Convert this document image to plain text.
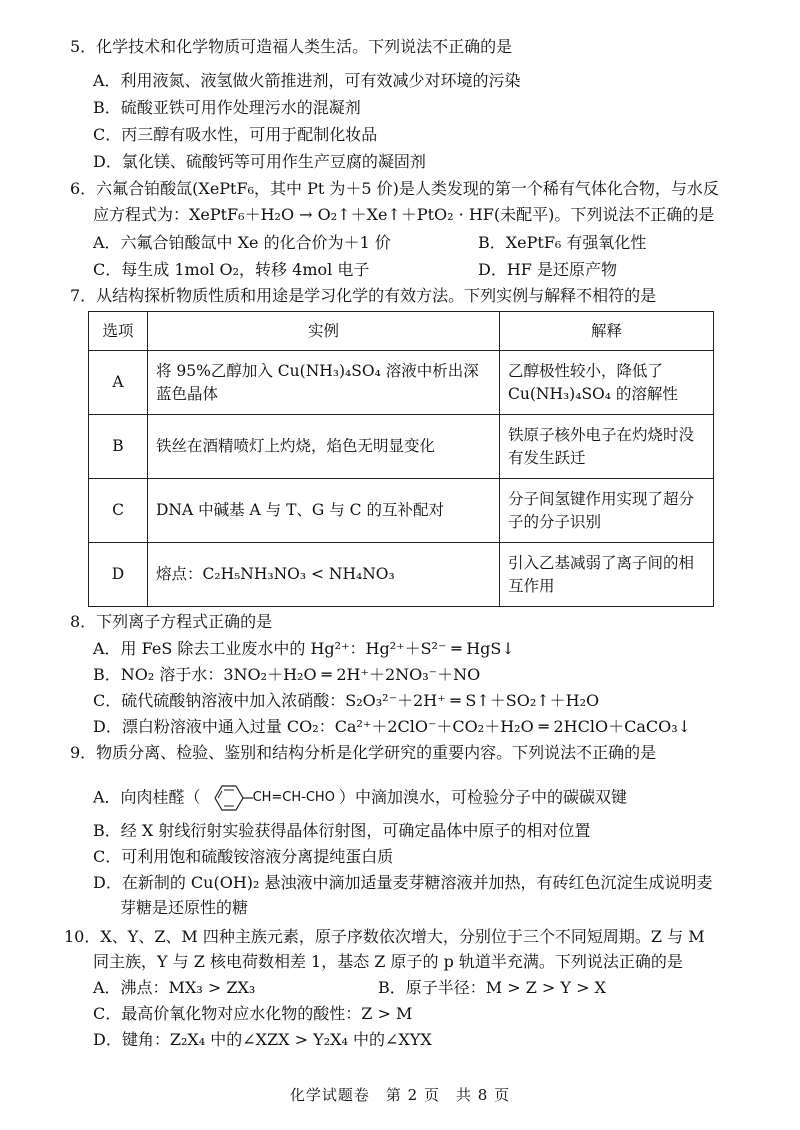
5．化学技术和化学物质可造福人类生活。下列说法不正确的是
A．利用液氮、液氢做火箭推进剂，可有效减少对环境的污染
B．硫酸亚铁可用作处理污水的混凝剂
C．丙三醇有吸水性，可用于配制化妆品
D．氯化镁、硫酸钙等可用作生产豆腐的凝固剂
6．六氟合铂酸氙(XePtF₆，其中 Pt 为＋5 价)是人类发现的第一个稀有气体化合物，与水反
应方程式为：XePtF₆＋H₂O → O₂↑＋Xe↑＋PtO₂ · HF(未配平)。下列说法不正确的是
A．六氟合铂酸氙中 Xe 的化合价为＋1 价	B．XePtF₆ 有强氧化性
C．每生成 1mol O₂，转移 4mol 电子	D．HF 是还原产物
7．从结构探析物质性质和用途是学习化学的有效方法。下列实例与解释不相符的是
选项	实例	解释
A	将 95%乙醇加入 Cu(NH₃)₄SO₄ 溶液中析出深蓝色晶体	乙醇极性较小，降低了 Cu(NH₃)₄SO₄ 的溶解性
B	铁丝在酒精喷灯上灼烧，焰色无明显变化	铁原子核外电子在灼烧时没有发生跃迁
C	DNA 中碱基 A 与 T、G 与 C 的互补配对	分子间氢键作用实现了超分子的分子识别
D	熔点：C₂H₅NH₃NO₃ < NH₄NO₃	引入乙基减弱了离子间的相互作用
8．下列离子方程式正确的是
A．用 FeS 除去工业废水中的 Hg²⁺：Hg²⁺＋S²⁻ ═ HgS↓
B．NO₂ 溶于水：3NO₂＋H₂O ═ 2H⁺＋2NO₃⁻＋NO
C．硫代硫酸钠溶液中加入浓硝酸：S₂O₃²⁻＋2H⁺ ═ S↑＋SO₂↑＋H₂O
D．漂白粉溶液中通入过量 CO₂：Ca²⁺＋2ClO⁻＋CO₂＋H₂O ═ 2HClO＋CaCO₃↓
9．物质分离、检验、鉴别和结构分析是化学研究的重要内容。下列说法不正确的是
A．向肉桂醛（	CH=CH-CHO ）中滴加溴水，可检验分子中的碳碳双键
B．经 X 射线衍射实验获得晶体衍射图，可确定晶体中原子的相对位置
C．可利用饱和硫酸铵溶液分离提纯蛋白质
D．在新制的 Cu(OH)₂ 悬浊液中滴加适量麦芽糖溶液并加热，有砖红色沉淀生成说明麦
芽糖是还原性的糖
10．X、Y、Z、M 四种主族元素，原子序数依次增大，分别位于三个不同短周期。Z 与 M
同主族，Y 与 Z 核电荷数相差 1，基态 Z 原子的 p 轨道半充满。下列说法正确的是
A．沸点：MX₃ > ZX₃	B．原子半径：M > Z > Y > X
C．最高价氧化物对应水化物的酸性：Z > M
D．键角：Z₂X₄ 中的∠XZX > Y₂X₄ 中的∠XYX
化学试题卷　第 2 页　共 8 页
